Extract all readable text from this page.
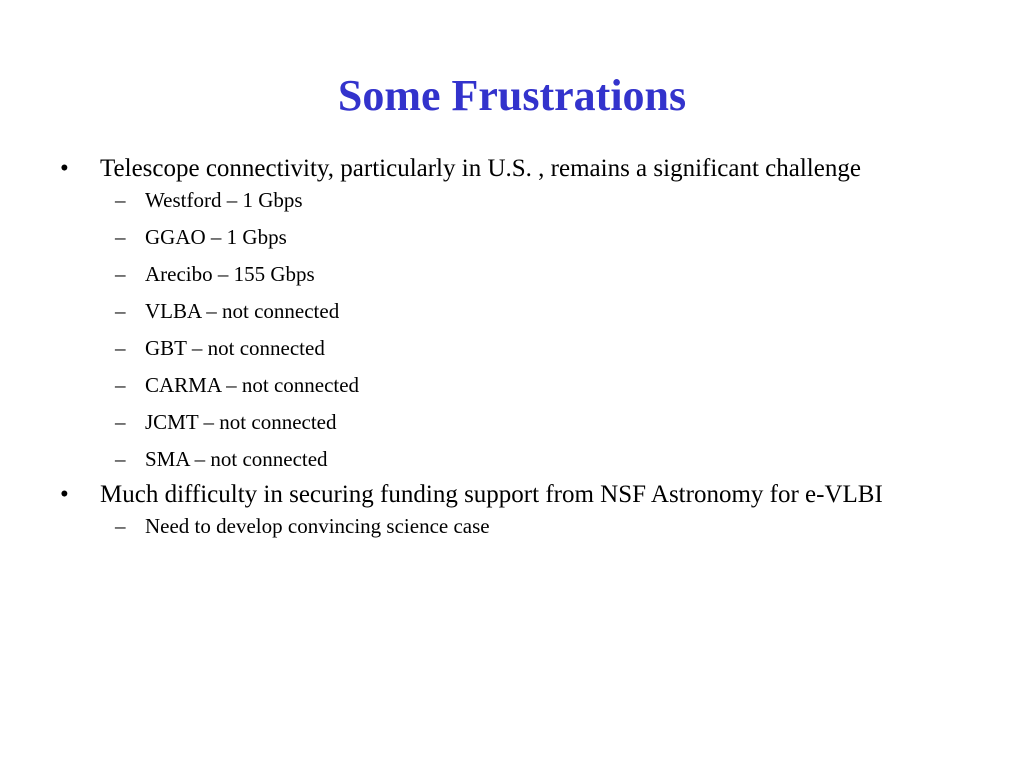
Some Frustrations
•	Telescope connectivity, particularly in U.S. , remains a significant challenge
– Westford – 1 Gbps
– GGAO – 1 Gbps
– Arecibo – 155 Gbps
– VLBA – not connected
– GBT – not connected
– CARMA – not connected
– JCMT – not connected
– SMA – not connected
•	Much difficulty in securing funding support from NSF Astronomy for e-VLBI
– Need to develop convincing science case
